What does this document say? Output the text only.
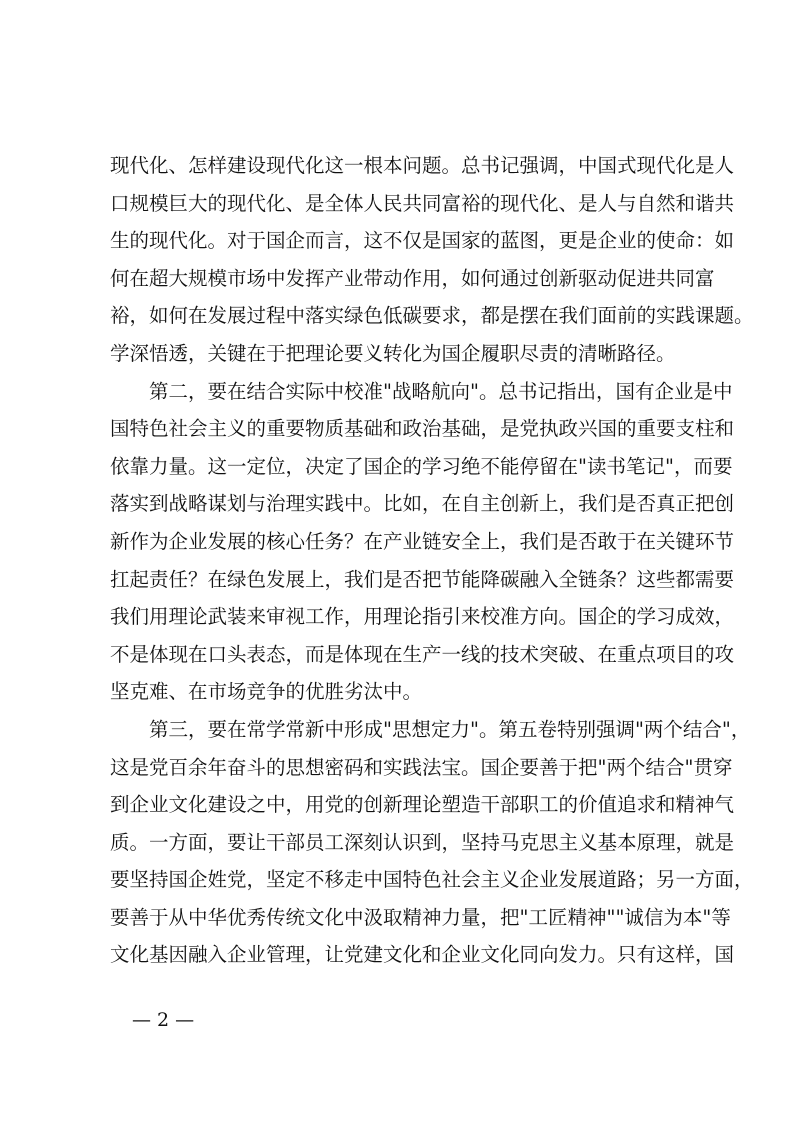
现代化、怎样建设现代化这一根本问题。总书记强调，中国式现代化是人
口规模巨大的现代化、是全体人民共同富裕的现代化、是人与自然和谐共
生的现代化。对于国企而言，这不仅是国家的蓝图，更是企业的使命：如
何在超大规模市场中发挥产业带动作用，如何通过创新驱动促进共同富
裕，如何在发展过程中落实绿色低碳要求，都是摆在我们面前的实践课题。
学深悟透，关键在于把理论要义转化为国企履职尽责的清晰路径。
第二，要在结合实际中校准"战略航向"。总书记指出，国有企业是中
国特色社会主义的重要物质基础和政治基础，是党执政兴国的重要支柱和
依靠力量。这一定位，决定了国企的学习绝不能停留在"读书笔记"，而要
落实到战略谋划与治理实践中。比如，在自主创新上，我们是否真正把创
新作为企业发展的核心任务？在产业链安全上，我们是否敢于在关键环节
扛起责任？在绿色发展上，我们是否把节能降碳融入全链条？这些都需要
我们用理论武装来审视工作，用理论指引来校准方向。国企的学习成效，
不是体现在口头表态，而是体现在生产一线的技术突破、在重点项目的攻
坚克难、在市场竞争的优胜劣汰中。
第三，要在常学常新中形成"思想定力"。第五卷特别强调"两个结合"，
这是党百余年奋斗的思想密码和实践法宝。国企要善于把"两个结合"贯穿
到企业文化建设之中，用党的创新理论塑造干部职工的价值追求和精神气
质。一方面，要让干部员工深刻认识到，坚持马克思主义基本原理，就是
要坚持国企姓党，坚定不移走中国特色社会主义企业发展道路；另一方面，
要善于从中华优秀传统文化中汲取精神力量，把"工匠精神""诚信为本"等
文化基因融入企业管理，让党建文化和企业文化同向发力。只有这样，国
— 2 —
